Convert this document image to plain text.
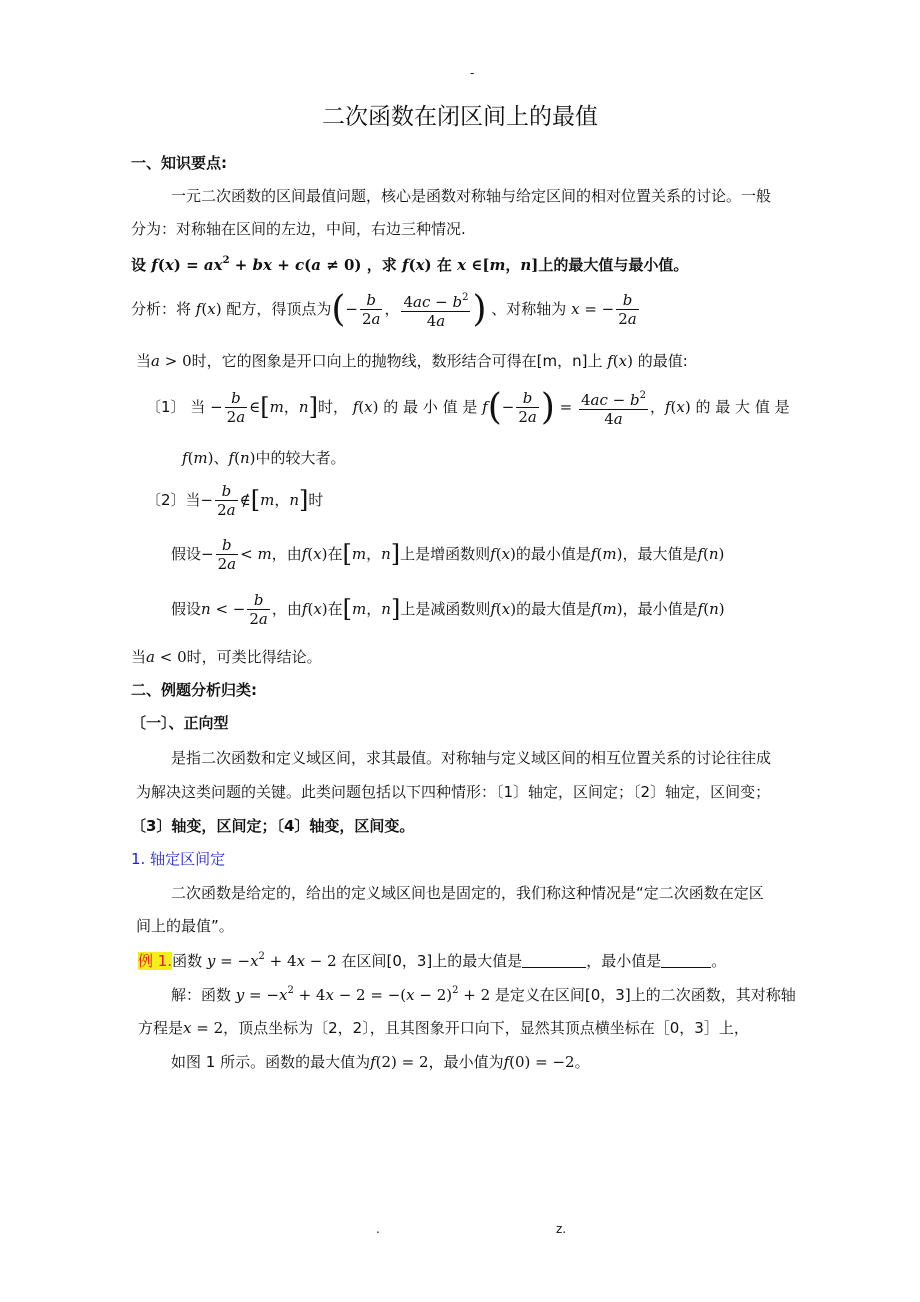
-
二次函数在闭区间上的最值
一、知识要点:
一元二次函数的区间最值问题，核心是函数对称轴与给定区间的相对位置关系的讨论。一般
分为：对称轴在区间的左边，中间，右边三种情况.
设 $f(x) = ax^2$ + bx + c(a ≠ 0) ，求 f(x) 在 x ∈[m，n]上的最大值与最小值。
分析：将 f(x) 配方，得顶点为(− $\frac{b}{2a}$ ， $\frac{4ac - b^2}{4a}$ ) 、对称轴为 x = − $\frac{b}{2a}$
当a > 0时，它的图象是开口向上的抛物线，数形结合可得在[m，n]上 f(x) 的最值:
〔1〕 当 − $\frac{b}{2a}$ ∈[m，n]时， f(x) 的 最 小 值 是 $f(- \frac{b}{2a}$ ) = $\frac{4ac - b^2}{4a}$ ，f(x) 的 最 大 值 是
f(m)、f(n)中的较大者。
〔2〕当− $\frac{b}{2a}$ ∉[m，n]时
假设− $\frac{b}{2a} < m$，由f(x)在[m，n]上是增函数则f(x)的最小值是f(m)，最大值是f(n)
假设n < − $\frac{b}{2a}$ ，由f(x)在[m，n]上是减函数则f(x)的最大值是f(m)，最小值是f(n)
当a < 0时，可类比得结论。
二、例题分析归类:
〔一〕、正向型
是指二次函数和定义域区间，求其最值。对称轴与定义域区间的相互位置关系的讨论往往成
为解决这类问题的关键。此类问题包括以下四种情形：〔1〕轴定，区间定；〔2〕轴定，区间变；
〔3〕轴变，区间定；〔4〕轴变，区间变。
1. 轴定区间定
二次函数是给定的，给出的定义域区间也是固定的，我们称这种情况是“定二次函数在定区
间上的最值”。
例 1.函数 $y = -x^2 + 4x - 2$ 在区间[0，3]上的最大值是	，最小值是	。
解：函数 $y = -x^2 + 4x - 2 = -(x - 2)^2 + 2$ 是定义在区间[0，3]上的二次函数，其对称轴
方程是x = 2，顶点坐标为〔2，2〕，且其图象开口向下，显然其顶点横坐标在［0，3］上，
如图 1 所示。函数的最大值为f(2) = 2，最小值为f(0) = −2。
.	z.
